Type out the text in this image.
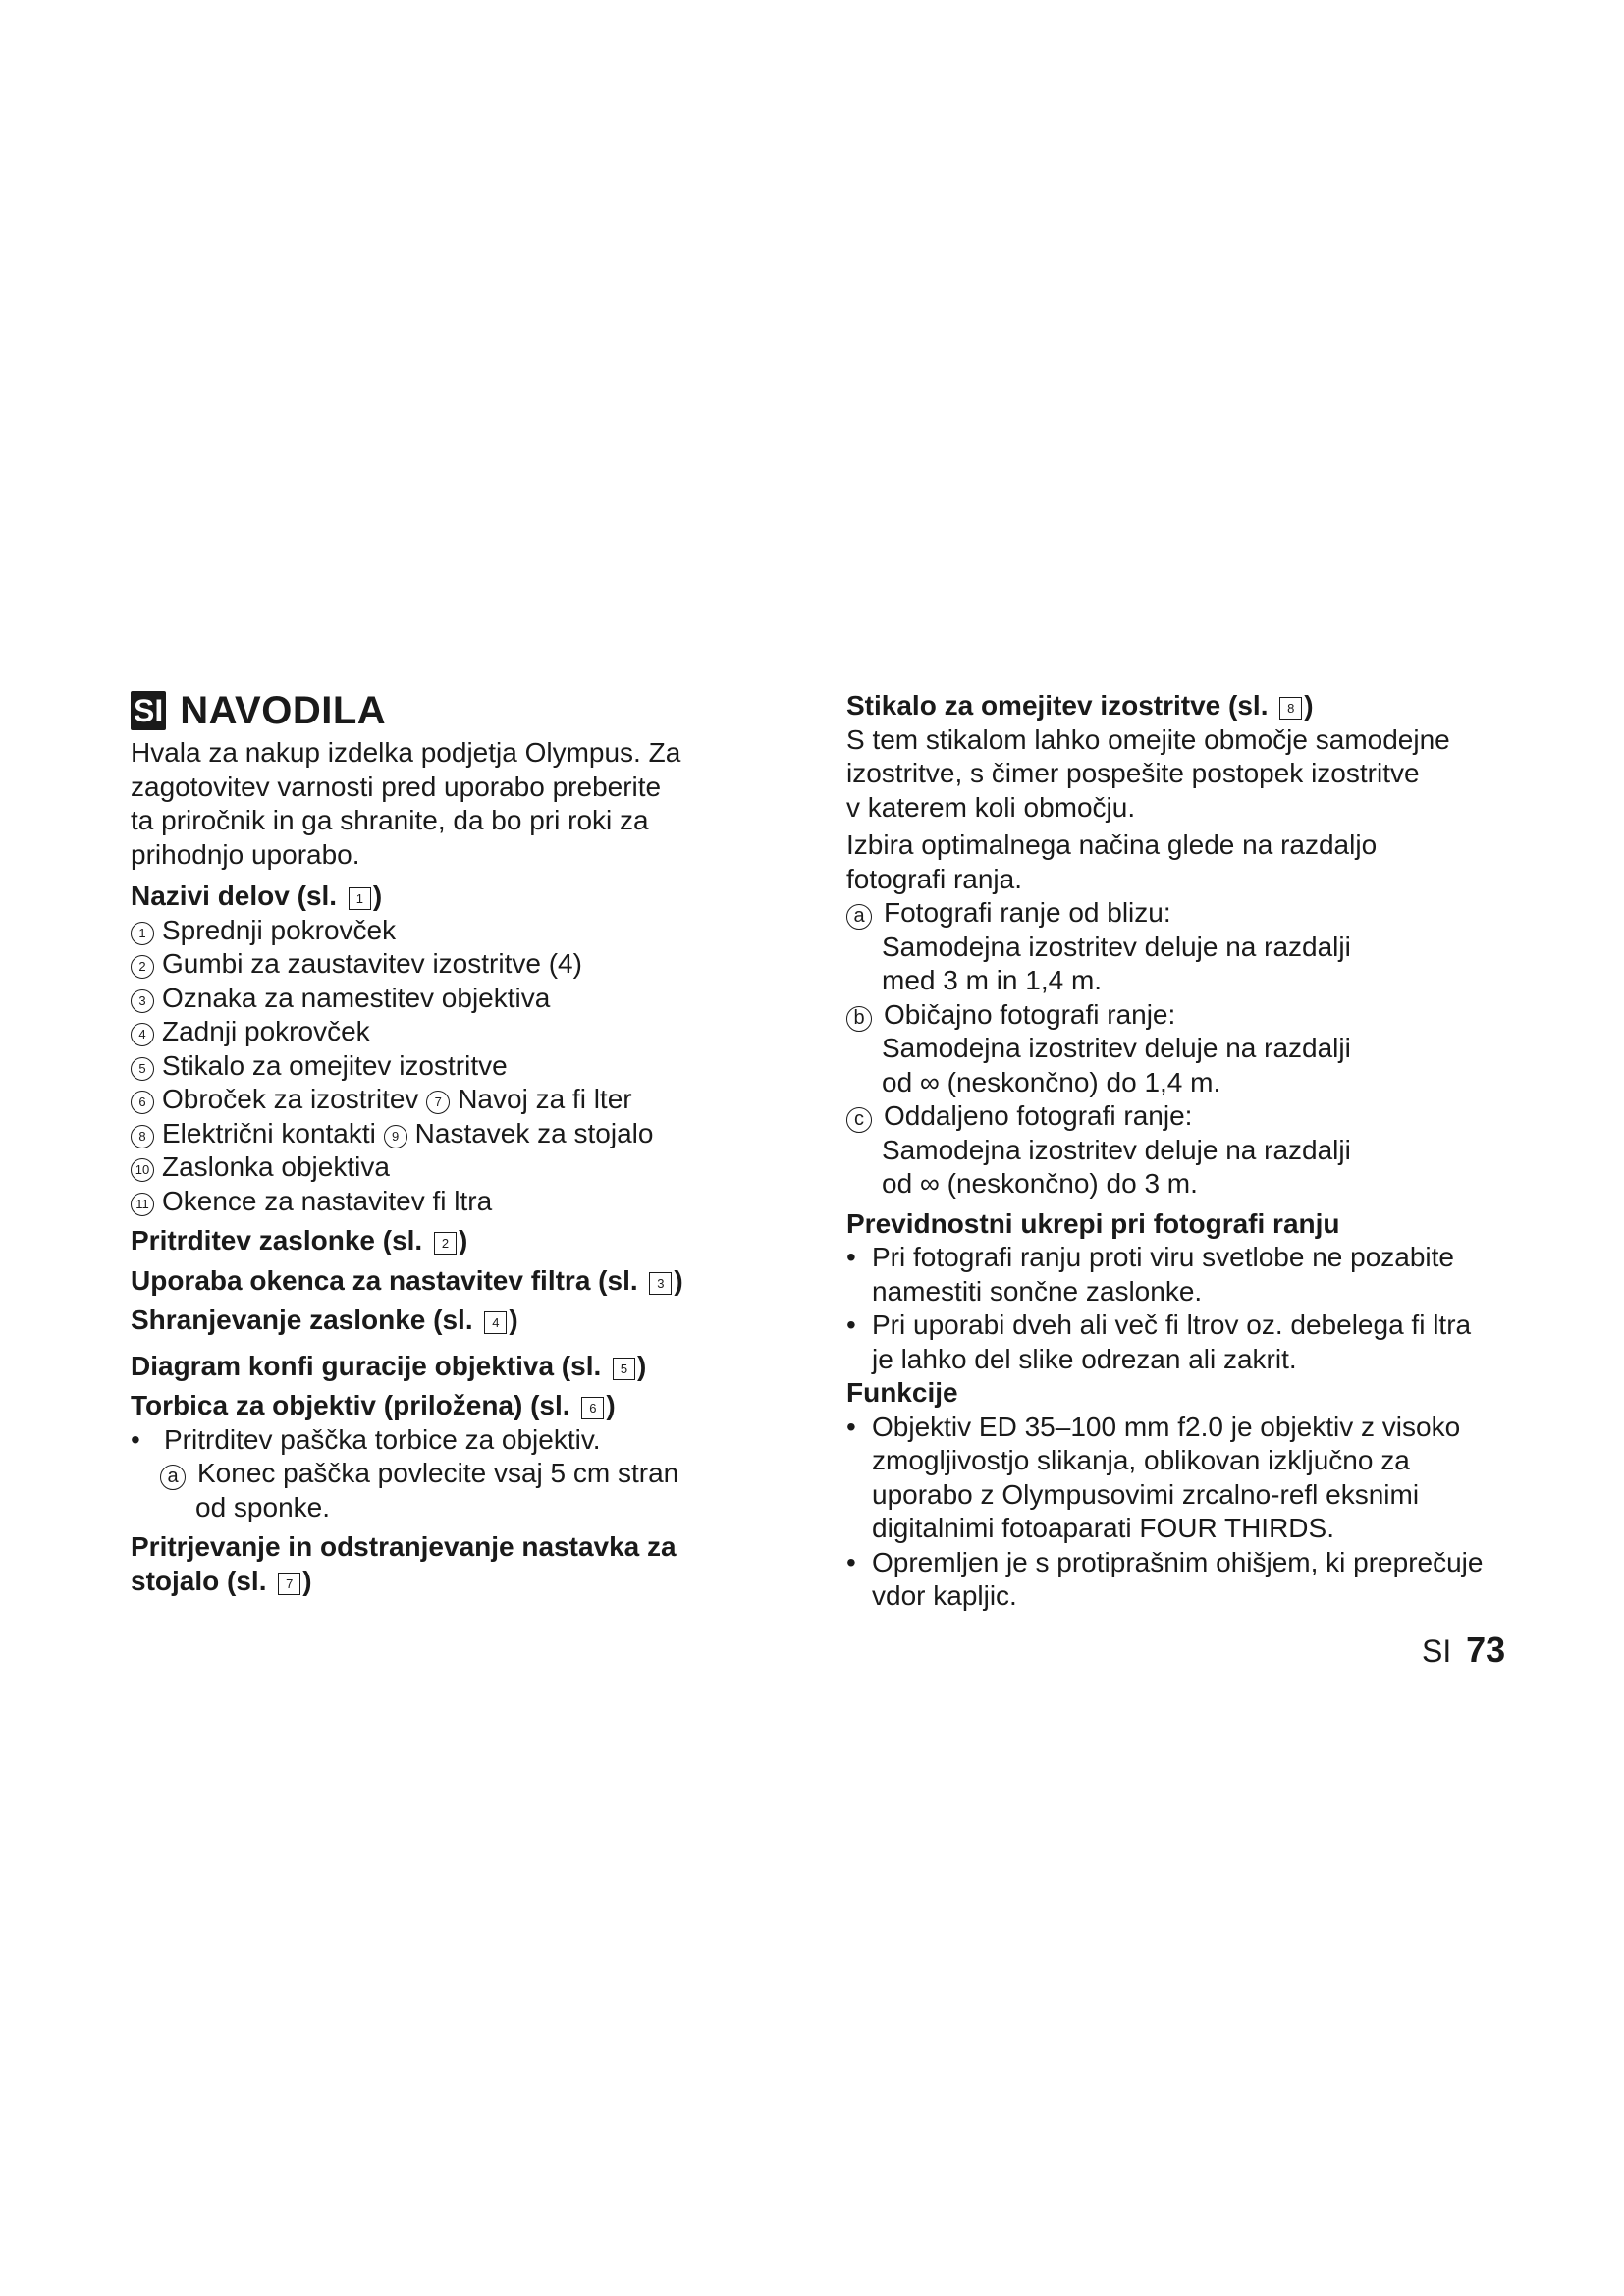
SI NAVODILA
Hvala za nakup izdelka podjetja Olympus. Za
zagotovitev varnosti pred uporabo preberite
ta priročnik in ga shranite, da bo pri roki za
prihodnjo uporabo.
Nazivi delov (sl. 1 )
1 Sprednji pokrovček
2 Gumbi za zaustavitev izostritve (4)
3 Oznaka za namestitev objektiva
4 Zadnji pokrovček
5 Stikalo za omejitev izostritve
6 Obroček za izostritev 7 Navoj za fi lter
8 Električni kontakti 9 Nastavek za stojalo
10 Zaslonka objektiva
11 Okence za nastavitev fi ltra
Pritrditev zaslonke (sl. 2 )
Uporaba okenca za nastavitev filtra (sl. 3 )
Shranjevanje zaslonke (sl. 4 )
Diagram konfi guracije objektiva (sl. 5 )
Torbica za objektiv (priložena) (sl. 6 )
• Pritrditev paščka torbice za objektiv.
a Konec paščka povlecite vsaj 5 cm stran
od sponke.
Pritrjevanje in odstranjevanje nastavka za
stojalo (sl. 7 )
Stikalo za omejitev izostritve (sl. 8 )
S tem stikalom lahko omejite območje samodejne
izostritve, s čimer pospešite postopek izostritve
v katerem koli območju.
Izbira optimalnega načina glede na razdaljo
fotografi ranja.
a Fotografi ranje od blizu:
Samodejna izostritev deluje na razdalji
med 3 m in 1,4 m.
b Običajno fotografi ranje:
Samodejna izostritev deluje na razdalji
od ∞ (neskončno) do 1,4 m.
c Oddaljeno fotografi ranje:
Samodejna izostritev deluje na razdalji
od ∞ (neskončno) do 3 m.
Previdnostni ukrepi pri fotografi ranju
• Pri fotografi ranju proti viru svetlobe ne pozabite
namestiti sončne zaslonke.
• Pri uporabi dveh ali več fi ltrov oz. debelega fi ltra
je lahko del slike odrezan ali zakrit.
Funkcije
• Objektiv ED 35–100 mm f2.0 je objektiv z visoko
zmogljivostjo slikanja, oblikovan izključno za
uporabo z Olympusovimi zrcalno-refl eksnimi
digitalnimi fotoaparati FOUR THIRDS.
• Opremljen je s protiprašnim ohišjem, ki preprečuje
vdor kapljic.
SI 73
